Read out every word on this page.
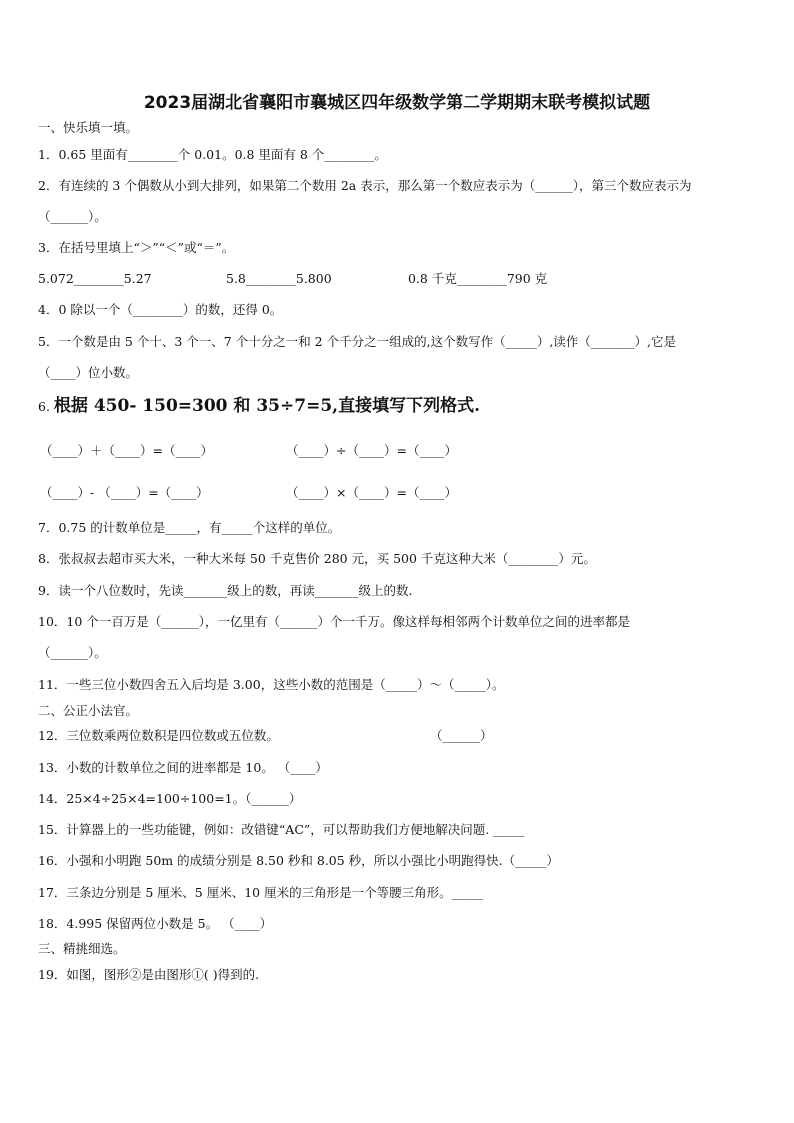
2023届湖北省襄阳市襄城区四年级数学第二学期期末联考模拟试题
一、快乐填一填。
1．0.65 里面有________个 0.01。0.8 里面有 8 个________。
2．有连续的 3 个偶数从小到大排列，如果第二个数用 2a 表示，那么第一个数应表示为（______），第三个数应表示为
（______）。
3．在括号里填上“＞”“＜”或“＝”。
5.072________5.27	5.8________5.800	0.8 千克________790 克
4．0 除以一个（________）的数，还得 0。
5．一个数是由 5 个十、3 个一、7 个十分之一和 2 个千分之一组成的,这个数写作（_____）,读作（_______）,它是
（____）位小数。
6. 根据 450- 150=300 和 35÷7=5,直接填写下列格式.
（____）＋（____）=（____）	（____）÷（____）=（____）
（____）- （____）=（____）	（____）×（____）=（____）
7．0.75 的计数单位是_____，有_____个这样的单位。
8．张叔叔去超市买大米，一种大米每 50 千克售价 280 元，买 500 千克这种大米（________）元。
9．读一个八位数时，先读_______级上的数，再读_______级上的数.
10．10 个一百万是（______），一亿里有（______）个一千万。像这样每相邻两个计数单位之间的进率都是
（______）。
11．一些三位小数四舍五入后均是 3.00，这些小数的范围是（_____）～（_____）。
二、公正小法官。
12．三位数乘两位数积是四位数或五位数。	（______）
13．小数的计数单位之间的进率都是 10。 （____）
14．25×4÷25×4=100÷100=1。（______）
15．计算器上的一些功能键，例如：改错键“AC”，可以帮助我们方便地解决问题. _____
16．小强和小明跑 50m 的成绩分别是 8.50 秒和 8.05 秒，所以小强比小明跑得快.（_____）
17．三条边分别是 5 厘米、5 厘米、10 厘米的三角形是一个等腰三角形。_____
18．4.995 保留两位小数是 5。 （____）
三、精挑细选。
19．如图，图形②是由图形①( )得到的.
